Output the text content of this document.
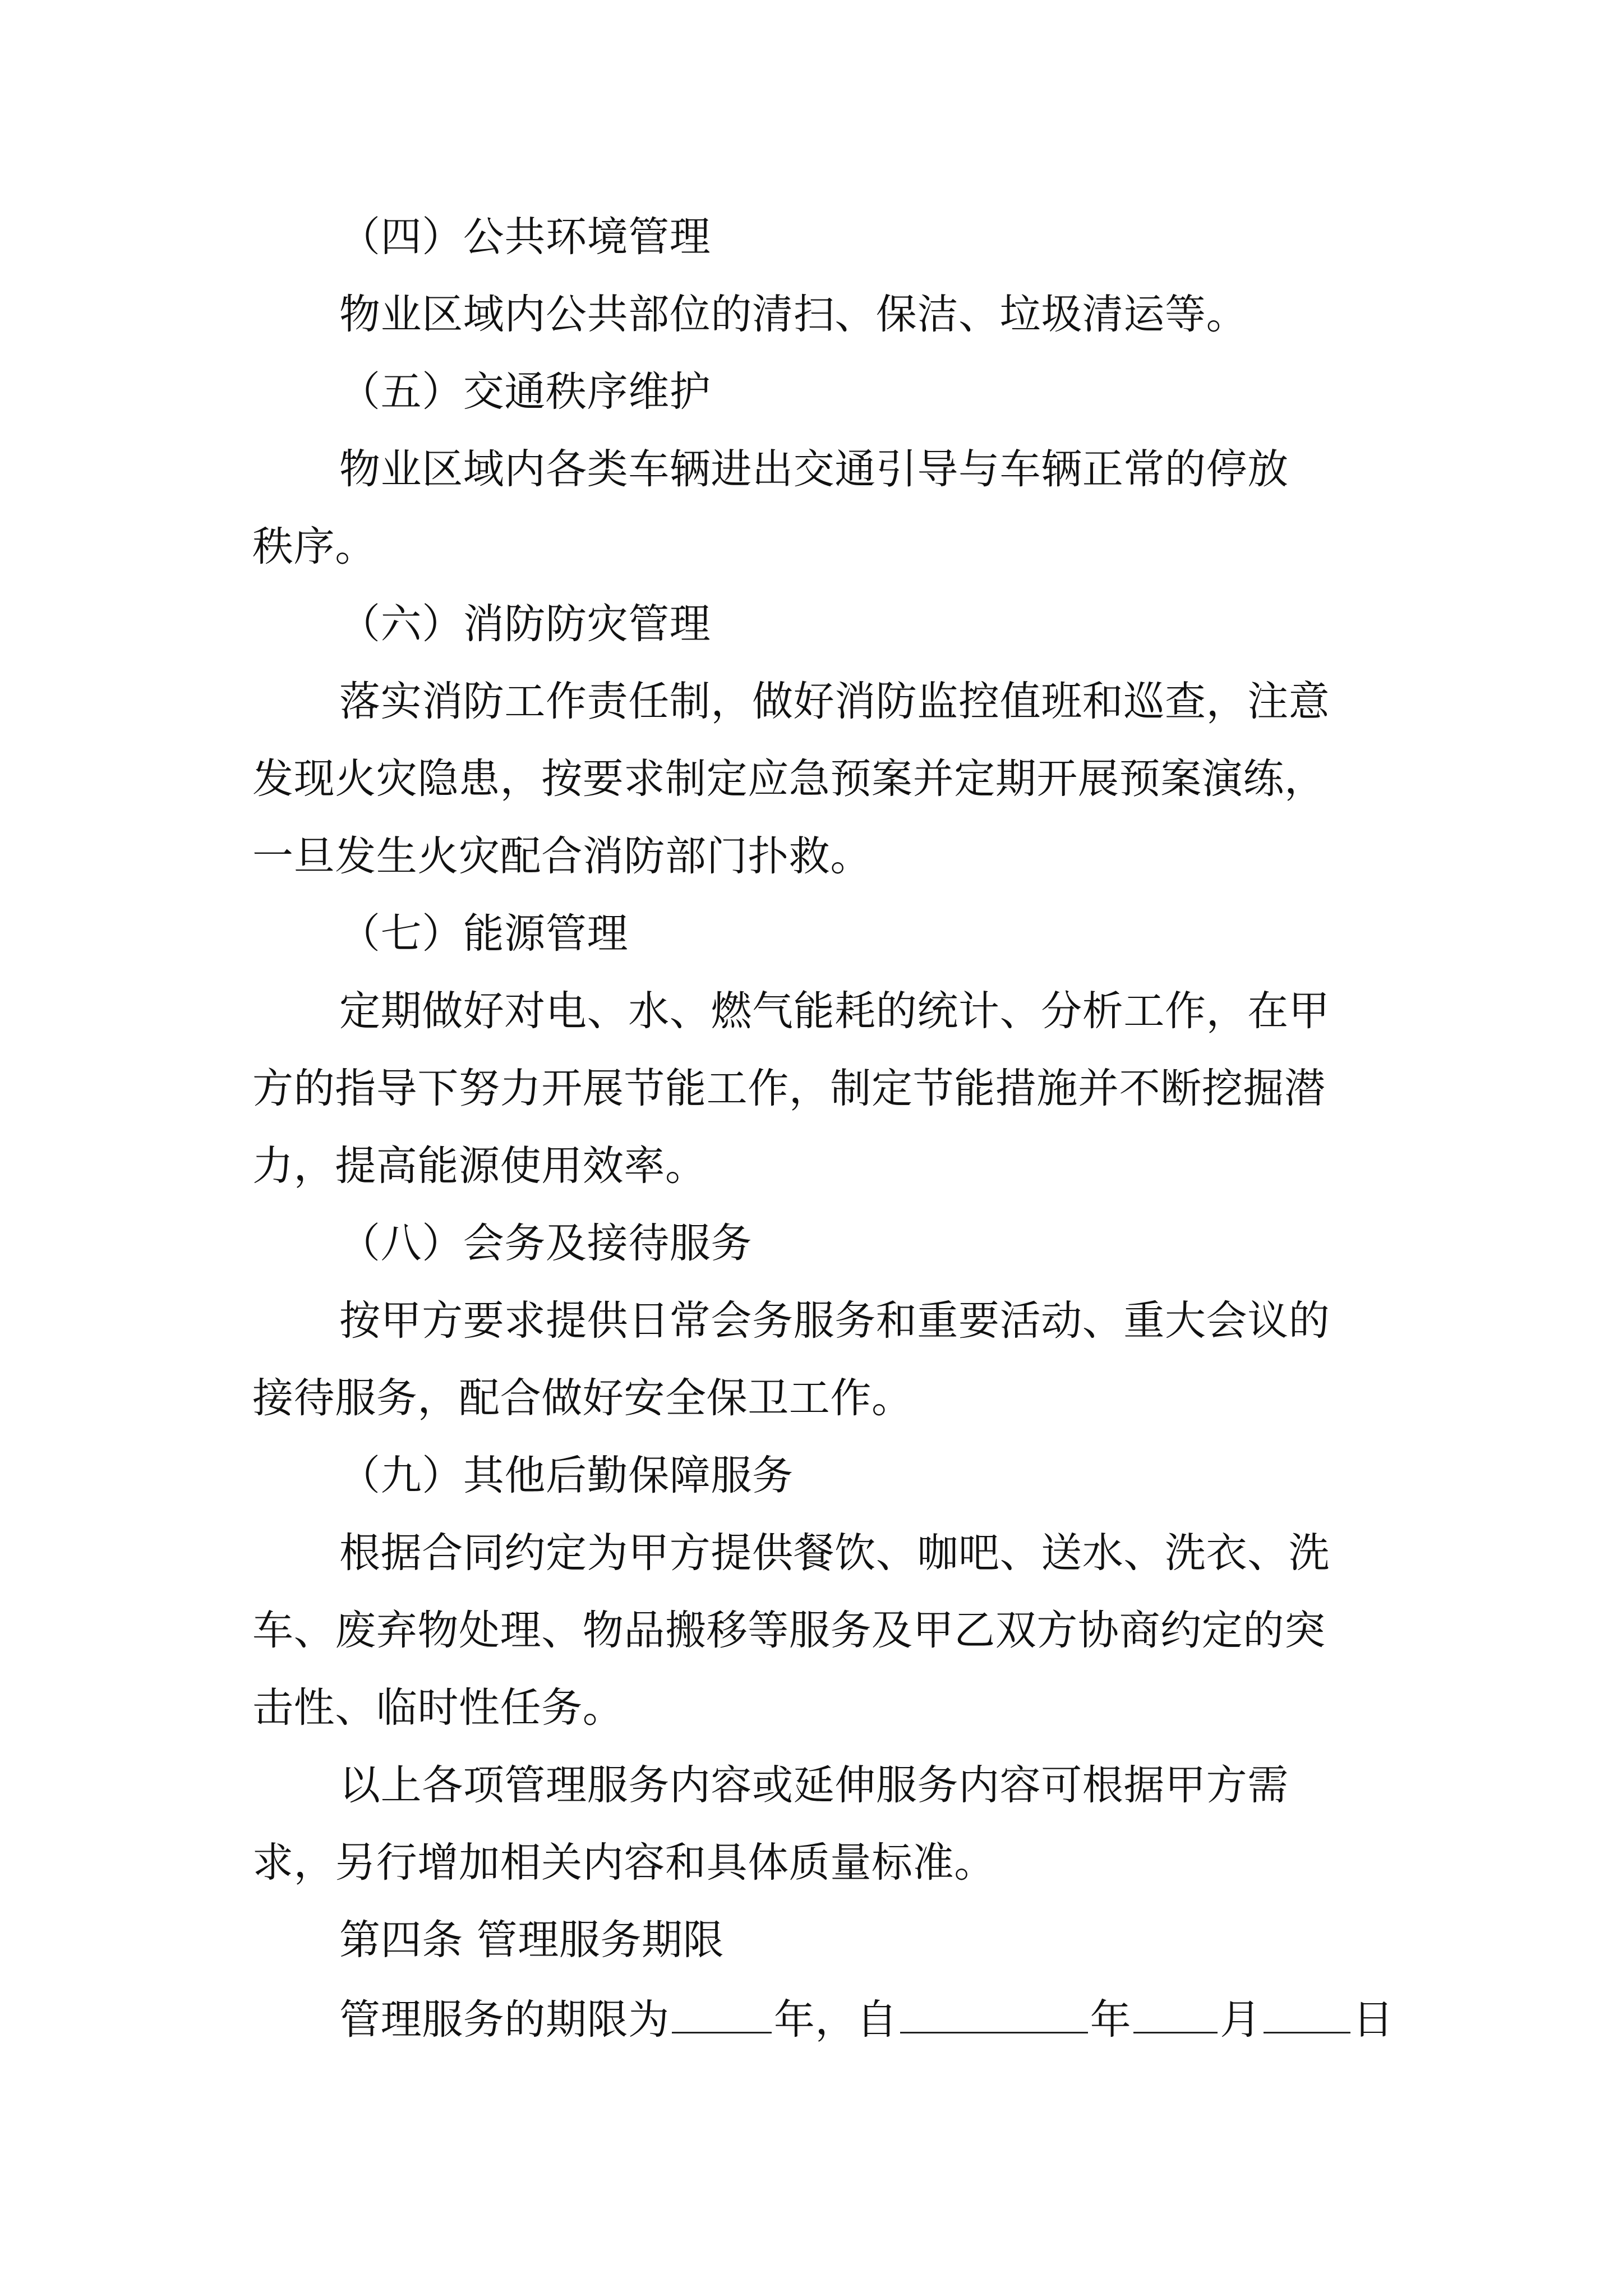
（四）公共环境管理
物业区域内公共部位的清扫、保洁、垃圾清运等。
（五）交通秩序维护
物业区域内各类车辆进出交通引导与车辆正常的停放
秩序。
（六）消防防灾管理
落实消防工作责任制，做好消防监控值班和巡查，注意
发现火灾隐患，按要求制定应急预案并定期开展预案演练，
一旦发生火灾配合消防部门扑救。
（七）能源管理
定期做好对电、水、燃气能耗的统计、分析工作，在甲
方的指导下努力开展节能工作，制定节能措施并不断挖掘潜
力，提高能源使用效率。
（八）会务及接待服务
按甲方要求提供日常会务服务和重要活动、重大会议的
接待服务，配合做好安全保卫工作。
（九）其他后勤保障服务
根据合同约定为甲方提供餐饮、咖吧、送水、洗衣、洗
车、废弃物处理、物品搬移等服务及甲乙双方协商约定的突
击性、临时性任务。
以上各项管理服务内容或延伸服务内容可根据甲方需
求，另行增加相关内容和具体质量标准。
第四条 管理服务期限
管理服务的期限为	年，自	年 月 日
